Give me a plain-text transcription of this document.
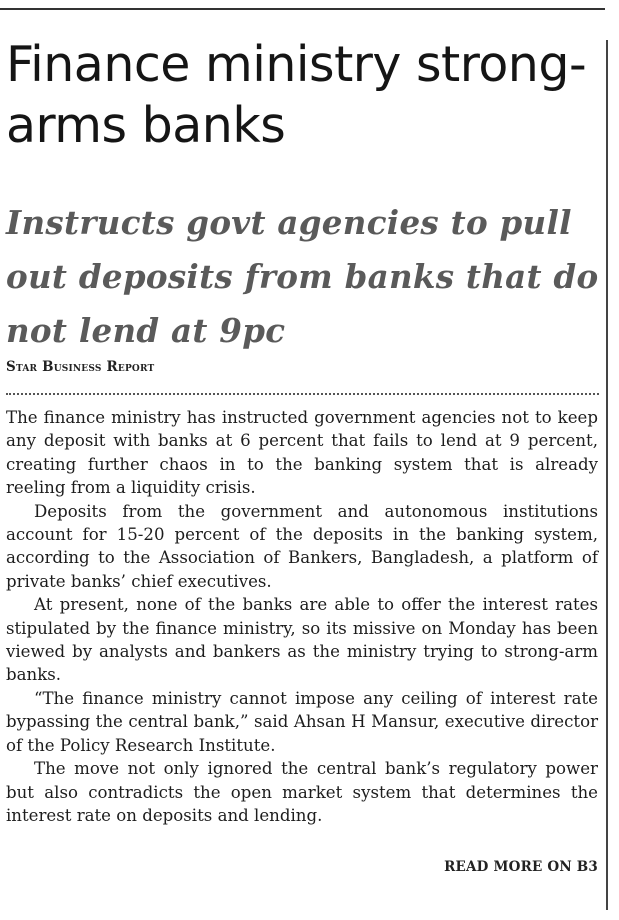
Finance ministry strong-arms banks
Instructs govt agencies to pull out deposits from banks that do not lend at 9pc
Star Business Report

The finance ministry has instructed government agencies not to keep any deposit with banks at 6 percent that fails to lend at 9 percent, creating further chaos in to the banking system that is already reeling from a liquidity crisis.

Deposits from the government and autonomous institutions account for 15-20 percent of the deposits in the banking system, according to the Association of Bankers, Bangladesh, a platform of private banks’ chief executives.

At present, none of the banks are able to offer the interest rates stipulated by the finance ministry, so its missive on Monday has been viewed by analysts and bankers as the ministry trying to strong-arm banks.

“The finance ministry cannot impose any ceiling of interest rate bypassing the central bank,” said Ahsan H Mansur, executive director of the Policy Research Institute.

The move not only ignored the central bank’s regulatory power but also contradicts the open market system that determines the interest rate on deposits and lending.

READ MORE ON B3
